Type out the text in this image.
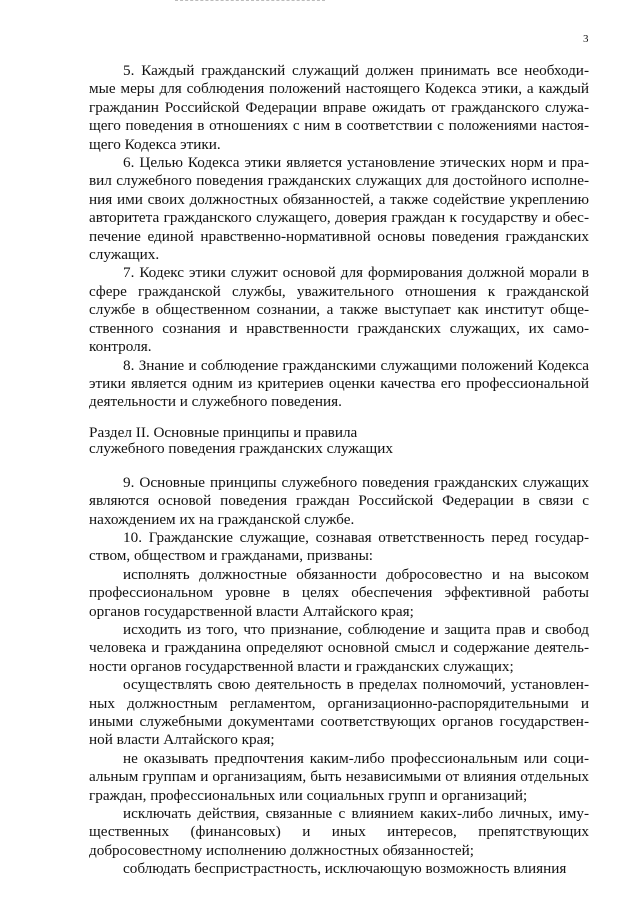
3

5. Каждый гражданский служащий должен принимать все необходимые меры для соблюдения положений настоящего Кодекса этики, а каждый гражданин Российской Федерации вправе ожидать от гражданского служащего поведения в отношениях с ним в соответствии с положениями настоящего Кодекса этики.

6. Целью Кодекса этики является установление этических норм и правил служебного поведения гражданских служащих для достойного исполнения ими своих должностных обязанностей, а также содействие укреплению авторитета гражданского служащего, доверия граждан к государству и обеспечение единой нравственно-нормативной основы поведения гражданских служащих.

7. Кодекс этики служит основой для формирования должной морали в сфере гражданской службы, уважительного отношения к гражданской службе в общественном сознании, а также выступает как институт общественного сознания и нравственности гражданских служащих, их самоконтроля.

8. Знание и соблюдение гражданскими служащими положений Кодекса этики является одним из критериев оценки качества его профессиональной деятельности и служебного поведения.

Раздел II. Основные принципы и правила
служебного поведения гражданских служащих

9. Основные принципы служебного поведения гражданских служащих являются основой поведения граждан Российской Федерации в связи с нахождением их на гражданской службе.

10. Гражданские служащие, сознавая ответственность перед государством, обществом и гражданами, призваны:

исполнять должностные обязанности добросовестно и на высоком профессиональном уровне в целях обеспечения эффективной работы органов государственной власти Алтайского края;

исходить из того, что признание, соблюдение и защита прав и свобод человека и гражданина определяют основной смысл и содержание деятельности органов государственной власти и гражданских служащих;

осуществлять свою деятельность в пределах полномочий, установленных должностным регламентом, организационно-распорядительными и иными служебными документами соответствующих органов государственной власти Алтайского края;

не оказывать предпочтения каким-либо профессиональным или социальным группам и организациям, быть независимыми от влияния отдельных граждан, профессиональных или социальных групп и организаций;

исключать действия, связанные с влиянием каких-либо личных, имущественных (финансовых) и иных интересов, препятствующих добросовестному исполнению должностных обязанностей;

соблюдать беспристрастность, исключающую возможность влияния
